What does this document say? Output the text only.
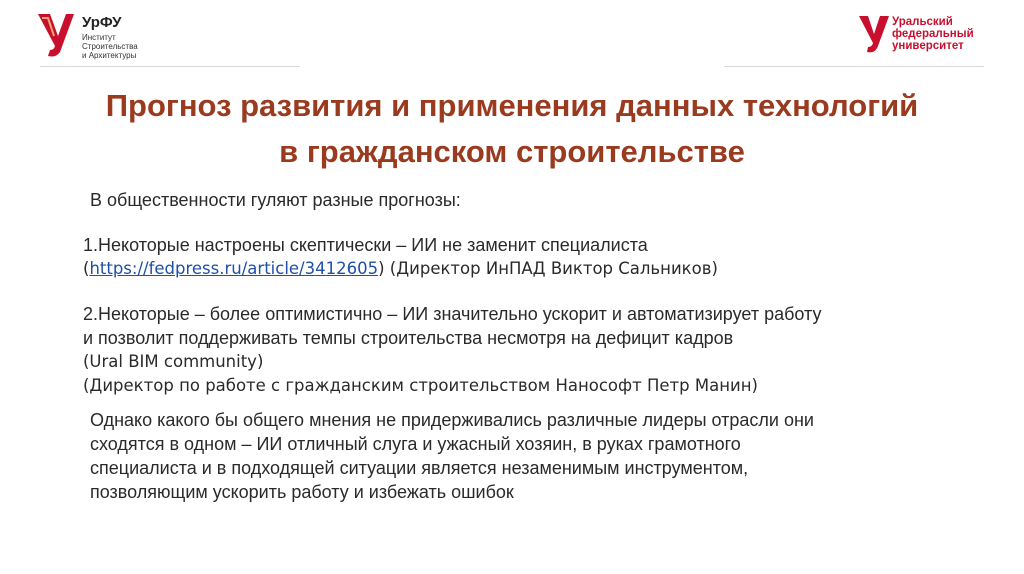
УрФУ
Институт
Строительства
и Архитектуры
Уральский
федеральный
университет
Прогноз развития и применения данных технологий
в гражданском строительстве
В общественности гуляют разные прогнозы:
1.Некоторые настроены скептически – ИИ не заменит специалиста
(https://fedpress.ru/article/3412605) (Директор ИнПАД Виктор Сальников)
2.Некоторые – более оптимистично – ИИ значительно ускорит и автоматизирует работу
и позволит поддерживать темпы строительства несмотря на дефицит кадров
(Ural BIM community)
(Директор по работе с гражданским строительством Нанософт Петр Манин)
Однако какого бы общего мнения не придерживались различные лидеры отрасли они
сходятся в одном – ИИ отличный слуга и ужасный хозяин, в руках грамотного
специалиста и в подходящей ситуации является незаменимым инструментом,
позволяющим ускорить работу и избежать ошибок
